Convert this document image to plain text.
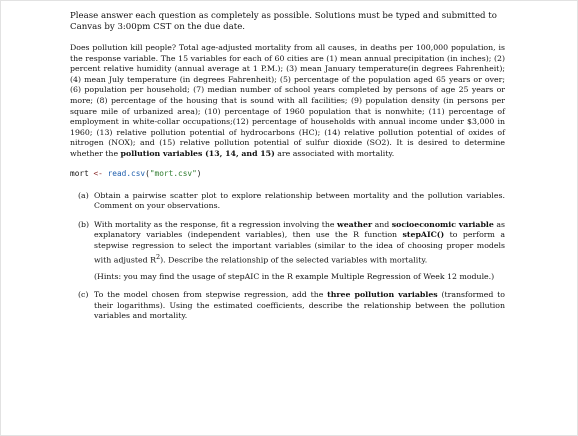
Please answer each question as completely as possible. Solutions must be typed and submitted to Canvas by 3:00pm CST on the due date.

Does pollution kill people? Total age-adjusted mortality from all causes, in deaths per 100,000 population, is the response variable. The 15 variables for each of 60 cities are (1) mean annual precipitation (in inches); (2) percent relative humidity (annual average at 1 P.M.); (3) mean January temperature(in degrees Fahrenheit); (4) mean July temperature (in degrees Fahrenheit); (5) percentage of the population aged 65 years or over; (6) population per household; (7) median number of school years completed by persons of age 25 years or more; (8) percentage of the housing that is sound with all facilities; (9) population density (in persons per square mile of urbanized area); (10) percentage of 1960 population that is nonwhite; (11) percentage of employment in white-collar occupations;(12) percentage of households with annual income under $3,000 in 1960; (13) relative pollution potential of hydrocarbons (HC); (14) relative pollution potential of oxides of nitrogen (NOX); and (15) relative pollution potential of sulfur dioxide (SO2). It is desired to determine whether the pollution variables (13, 14, and 15) are associated with mortality.

mort <- read.csv("mort.csv")
(a) Obtain a pairwise scatter plot to explore relationship between mortality and the pollution variables. Comment on your observations.
(b) With mortality as the response, fit a regression involving the weather and socioeconomic variable as explanatory variables (independent variables), then use the R function stepAIC() to perform a stepwise regression to select the important variables (similar to the idea of choosing proper models with adjusted $R^2$). Describe the relationship of the selected variables with mortality.

(Hints: you may find the usage of stepAIC in the R example Multiple Regression of Week 12 module.)

(c) To the model chosen from stepwise regression, add the three pollution variables (transformed to their logarithms). Using the estimated coefficients, describe the relationship between the pollution variables and mortality.
